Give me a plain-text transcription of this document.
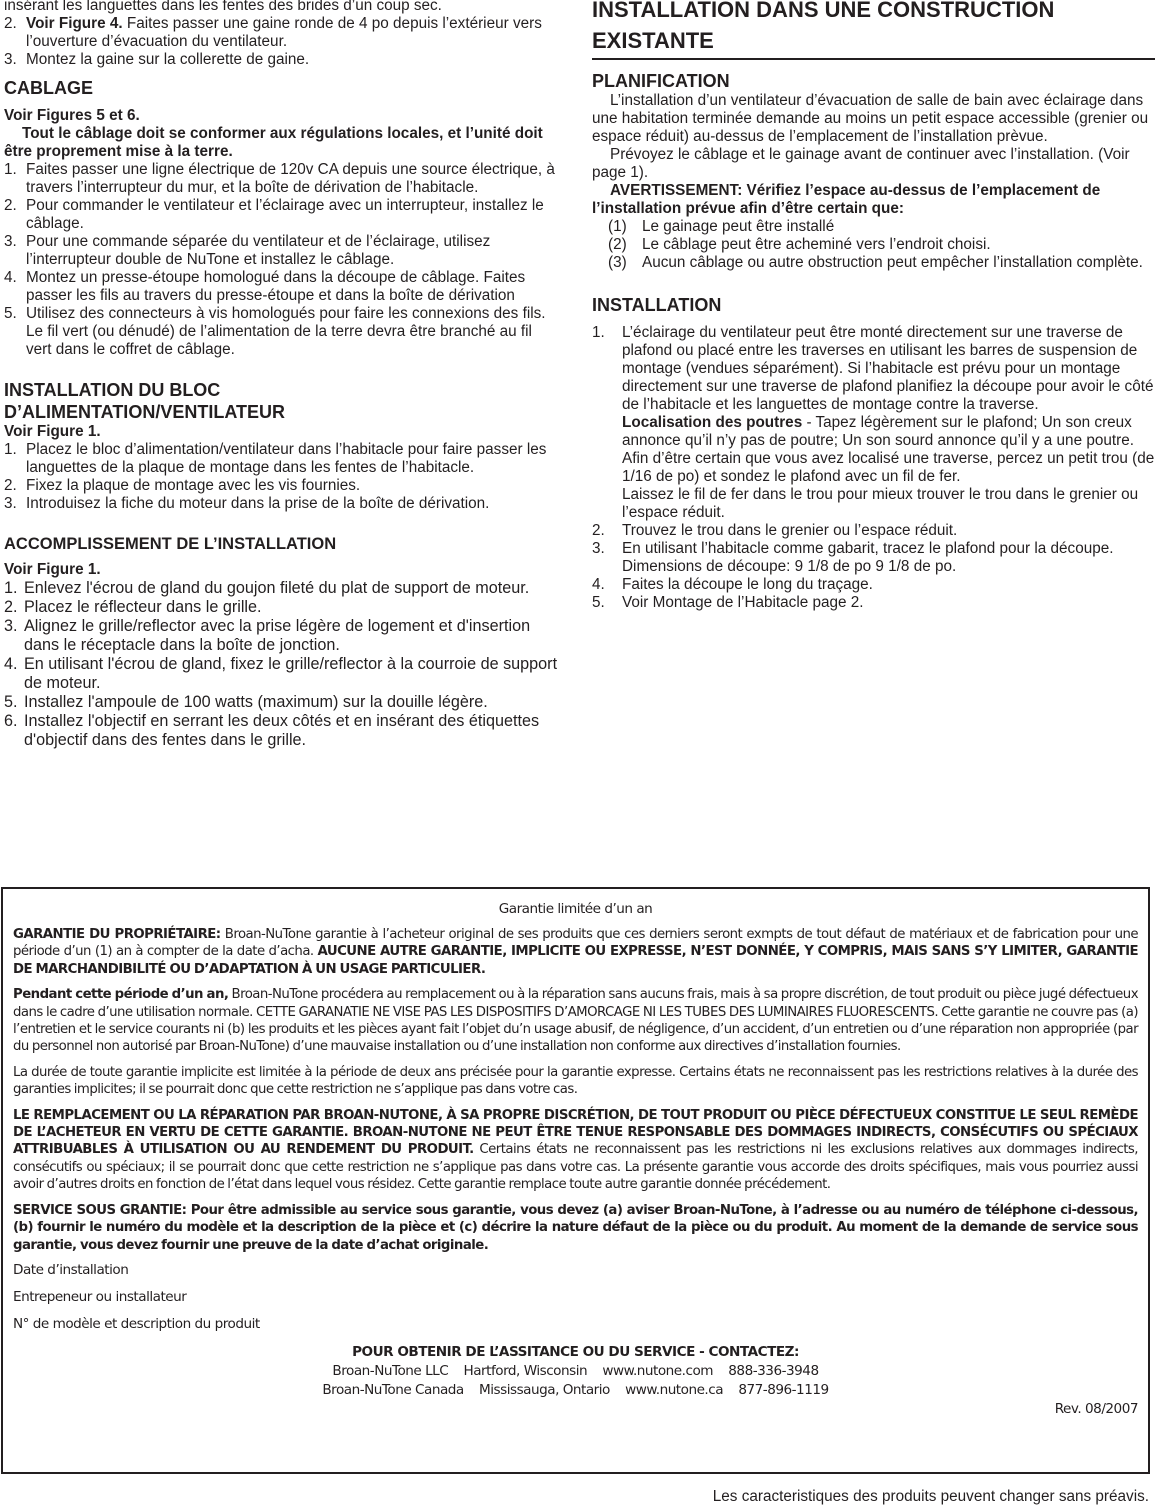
insérant les languettes dans les fentes des brides d’un coup sec.

2. Voir Figure 4. Faites passer une gaine ronde de 4 po depuis l’extérieur vers l’ouverture d’évacuation du ventilateur.
3. Montez la gaine sur la collerette de gaine.
CABLAGE

Voir Figures 5 et 6.

Tout le câblage doit se conformer aux régulations locales, et l’unité doit être proprement mise à la terre.

1. Faites passer une ligne électrique de 120v CA depuis une source électrique, à travers l’interrupteur du mur, et la boîte de dérivation de l’habitacle.
2. Pour commander le ventilateur et l’éclairage avec un interrupteur, installez le câblage.
3. Pour une commande séparée du ventilateur et de l’éclairage, utilisez l’interrupteur double de NuTone et installez le câblage.
4. Montez un presse-étoupe homologué dans la découpe de câblage. Faites passer les fils au travers du presse-étoupe et dans la boîte de dérivation
5. Utilisez des connecteurs à vis homologués pour faire les connexions des fils. Le fil vert (ou dénudé) de l’alimentation de la terre devra être branché au fil vert dans le coffret de câblage.
INSTALLATION DU BLOC
D’ALIMENTATION/VENTILATEUR

Voir Figure 1.

1. Placez le bloc d’alimentation/ventilateur dans l’habitacle pour faire passer les languettes de la plaque de montage dans les fentes de l’habitacle.
2. Fixez la plaque de montage avec les vis fournies.
3. Introduisez la fiche du moteur dans la prise de la boîte de dérivation.
ACCOMPLISSEMENT DE L’INSTALLATION

Voir Figure 1.

1. Enlevez l'écrou de gland du goujon fileté du plat de support de moteur.
2. Placez le réflecteur dans le grille.
3. Alignez le grille/reflector avec la prise légère de logement et d'insertion dans le réceptacle dans la boîte de jonction.
4. En utilisant l'écrou de gland, fixez le grille/reflector à la courroie de support de moteur.
5. Installez l'ampoule de 100 watts (maximum) sur la douille légère.
6. Installez l'objectif en serrant les deux côtés et en insérant des étiquettes d'objectif dans des fentes dans le grille.
INSTALLATION DANS UNE CONSTRUCTION
EXISTANTE
PLANIFICATION

L’installation d’un ventilateur d’évacuation de salle de bain avec éclairage dans une habitation terminée demande au moins un petit espace accessible (grenier ou espace réduit) au-dessus de l’emplacement de l’installation prèvue.

Prévoyez le câblage et le gainage avant de continuer avec l’installation. (Voir page 1).

AVERTISSEMENT: Vérifiez l’espace au-dessus de l’emplacement de l’installation prévue afin d’être certain que:

(1) Le gainage peut être installé
(2) Le câblage peut être acheminé vers l’endroit choisi.
(3) Aucun câblage ou autre obstruction peut empêcher l’installation complète.
INSTALLATION
1.	L’éclairage du ventilateur peut être monté directement sur une traverse de plafond ou placé entre les traverses en utilisant les barres de suspension de montage (vendues séparément). Si l’habitacle est prévu pour un montage directement sur une traverse de plafond planifiez la découpe pour avoir le côté de l’habitacle et les languettes de montage contre la traverse.
Localisation des poutres - Tapez légèrement sur le plafond; Un son creux annonce qu’il n’y pas de poutre; Un son sourd annonce qu’il y a une poutre. Afin d’être certain que vous avez localisé une traverse, percez un petit trou (de 1/16 de po) et sondez le plafond avec un fil de fer.
Laissez le fil de fer dans le trou pour mieux trouver le trou dans le grenier ou l’espace réduit.
2.	Trouvez le trou dans le grenier ou l’espace réduit.
3.	En utilisant l’habitacle comme gabarit, tracez le plafond pour la découpe. Dimensions de découpe: 9 1/8 de po 9 1/8 de po.
4.	Faites la découpe le long du traçage.
5.	Voir Montage de l’Habitacle page 2.

Garantie limitée d’un an

GARANTIE DU PROPRIÉTAIRE: Broan-NuTone garantie à l’acheteur original de ses produits que ces derniers seront exmpts de tout défaut de matériaux et de fabrication pour une période d’un (1) an à compter de la date d’acha. AUCUNE AUTRE GARANTIE, IMPLICITE OU EXPRESSE, N’EST DONNÉE, Y COMPRIS, MAIS SANS S’Y LIMITER, GARANTIE DE MARCHANDIBILITÉ OU D’ADAPTATION À UN USAGE PARTICULIER.

Pendant cette période d’un an, Broan-NuTone procédera au remplacement ou à la réparation sans aucuns frais, mais à sa propre discrétion, de tout produit ou pièce jugé défectueux dans le cadre d’une utilisation normale. CETTE GARANATIE NE VISE PAS LES DISPOSITIFS D’AMORCAGE NI LES TUBES DES LUMINAIRES FLUORESCENTS. Cette garantie ne couvre pas (a) l’entretien et le service courants ni (b) les produits et les pièces ayant fait l’objet du’n usage abusif, de négligence, d’un accident, d’un entretien ou d’une réparation non appropriée (par du personnel non autorisé par Broan-NuTone) d’une mauvaise installation ou d’une installation non conforme aux directives d’installation fournies.

La durée de toute garantie implicite est limitée à la période de deux ans précisée pour la garantie expresse. Certains états ne reconnaissent pas les restrictions relatives à la durée des garanties implicites; il se pourrait donc que cette restriction ne s’applique pas dans votre cas.

LE REMPLACEMENT OU LA RÉPARATION PAR BROAN-NUTONE, À SA PROPRE DISCRÉTION, DE TOUT PRODUIT OU PIÈCE DÉFECTUEUX CONSTITUE LE SEUL REMÈDE DE L’ACHETEUR EN VERTU DE CETTE GARANTIE. BROAN-NUTONE NE PEUT ÊTRE TENUE RESPONSABLE DES DOMMAGES INDIRECTS, CONSÉCUTIFS OU SPÉCIAUX ATTRIBUABLES À UTILISATION OU AU RENDEMENT DU PRODUIT. Certains états ne reconnaissent pas les restrictions ni les exclusions relatives aux dommages indirects, consécutifs ou spéciaux; il se pourrait donc que cette restriction ne s’applique pas dans votre cas. La présente garantie vous accorde des droits spécifiques, mais vous pourriez aussi avoir d’autres droits en fonction de l’état dans lequel vous résidez. Cette garantie remplace toute autre garantie donnée précédement.

SERVICE SOUS GRANTIE: Pour être admissible au service sous garantie, vous devez (a) aviser Broan-NuTone, à l’adresse ou au numéro de téléphone ci-dessous, (b) fournir le numéro du modèle et la description de la pièce et (c) décrire la nature défaut de la pièce ou du produit. Au moment de la demande de service sous garantie, vous devez fournir une preuve de la date d’achat originale.

Date d’installation

Entrepeneur ou installateur

N° de modèle et description du produit

POUR OBTENIR DE L’ASSITANCE OU DU SERVICE - CONTACTEZ:

Broan-NuTone LLC    Hartford, Wisconsin    www.nutone.com    888-336-3948

Broan-NuTone Canada    Mississauga, Ontario    www.nutone.ca    877-896-1119

Rev. 08/2007

Les caracteristiques des produits peuvent changer sans préavis.
